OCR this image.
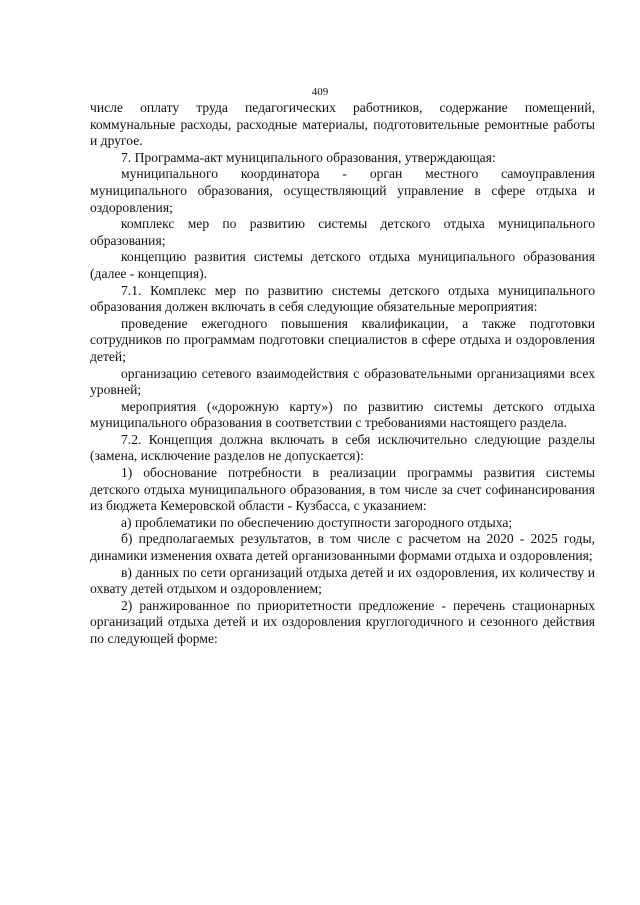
409

числе оплату труда педагогических работников, содержание помещений, коммунальные расходы, расходные материалы, подготовительные ремонтные работы и другое.

7. Программа-акт муниципального образования, утверждающая:

муниципального координатора - орган местного самоуправления муниципального образования, осуществляющий управление в сфере отдыха и оздоровления;

комплекс мер по развитию системы детского отдыха муниципального образования;

концепцию развития системы детского отдыха муниципального образования (далее - концепция).

7.1. Комплекс мер по развитию системы детского отдыха муниципального образования должен включать в себя следующие обязательные мероприятия:

проведение ежегодного повышения квалификации, а также подготовки сотрудников по программам подготовки специалистов в сфере отдыха и оздоровления детей;

организацию сетевого взаимодействия с образовательными организациями всех уровней;

мероприятия («дорожную карту») по развитию системы детского отдыха муниципального образования в соответствии с требованиями настоящего раздела.

7.2. Концепция должна включать в себя исключительно следующие разделы (замена, исключение разделов не допускается):

1) обоснование потребности в реализации программы развития системы детского отдыха муниципального образования, в том числе за счет софинансирования из бюджета Кемеровской области - Кузбасса, с указанием:

а) проблематики по обеспечению доступности загородного отдыха;

б) предполагаемых результатов, в том числе с расчетом на 2020 - 2025 годы, динамики изменения охвата детей организованными формами отдыха и оздоровления;

в) данных по сети организаций отдыха детей и их оздоровления, их количеству и охвату детей отдыхом и оздоровлением;

2) ранжированное по приоритетности предложение - перечень стационарных организаций отдыха детей и их оздоровления круглогодичного и сезонного действия по следующей форме:
